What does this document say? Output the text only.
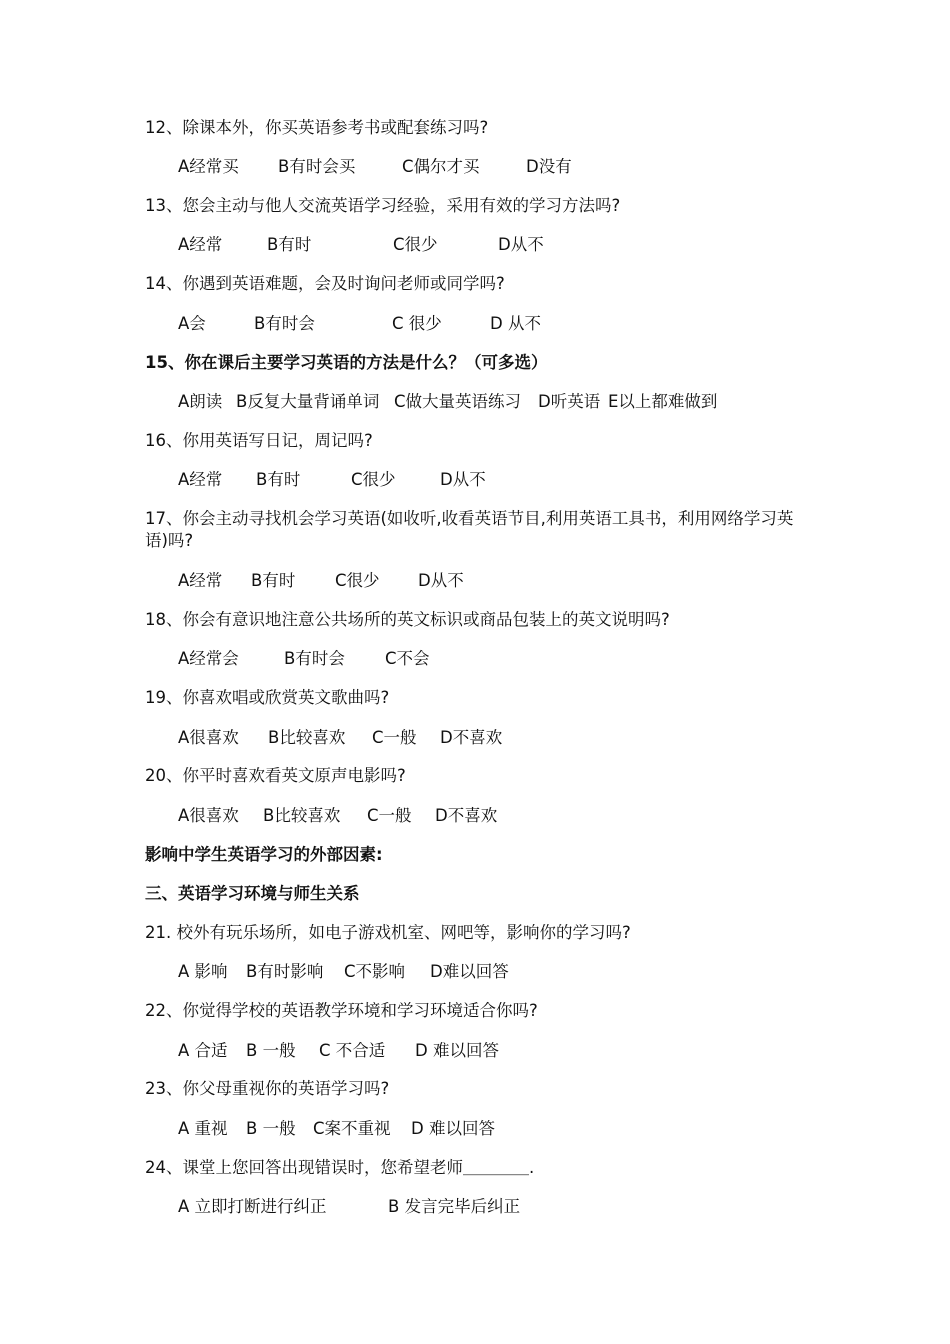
12、除课本外，你买英语参考书或配套练习吗?
A经常买 B有时会买	C偶尔才买	D没有
13、您会主动与他人交流英语学习经验，采用有效的学习方法吗?
A经常	B有时	C很少	D从不
14、你遇到英语难题，会及时询问老师或同学吗?
A会	B有时会	C 很少	D 从不
15、你在课后主要学习英语的方法是什么？（可多选）
A朗读 B反复大量背诵单词 C做大量英语练习 D听英语 E以上都难做到
16、你用英语写日记，周记吗?
A经常 B有时	C很少	D从不
17、你会主动寻找机会学习英语(如收听,收看英语节目,利用英语工具书，利用网络学习英语)吗?
A经常 B有时 C很少 D从不
18、你会有意识地注意公共场所的英文标识或商品包装上的英文说明吗?
A经常会	B有时会 C不会
19、你喜欢唱或欣赏英文歌曲吗?
A很喜欢 B比较喜欢 C一般 D不喜欢
20、你平时喜欢看英文原声电影吗?
A很喜欢 B比较喜欢 C一般 D不喜欢
影响中学生英语学习的外部因素:
三、英语学习环境与师生关系
21. 校外有玩乐场所，如电子游戏机室、网吧等，影响你的学习吗?
A 影响 B有时影响 C不影响 D难以回答
22、你觉得学校的英语教学环境和学习环境适合你吗?
A 合适 B 一般 C 不合适 D 难以回答
23、你父母重视你的英语学习吗?
A 重视 B 一般 C案不重视 D 难以回答
24、课堂上您回答出现错误时，您希望老师＿＿＿＿.
A 立即打断进行纠正	B 发言完毕后纠正
